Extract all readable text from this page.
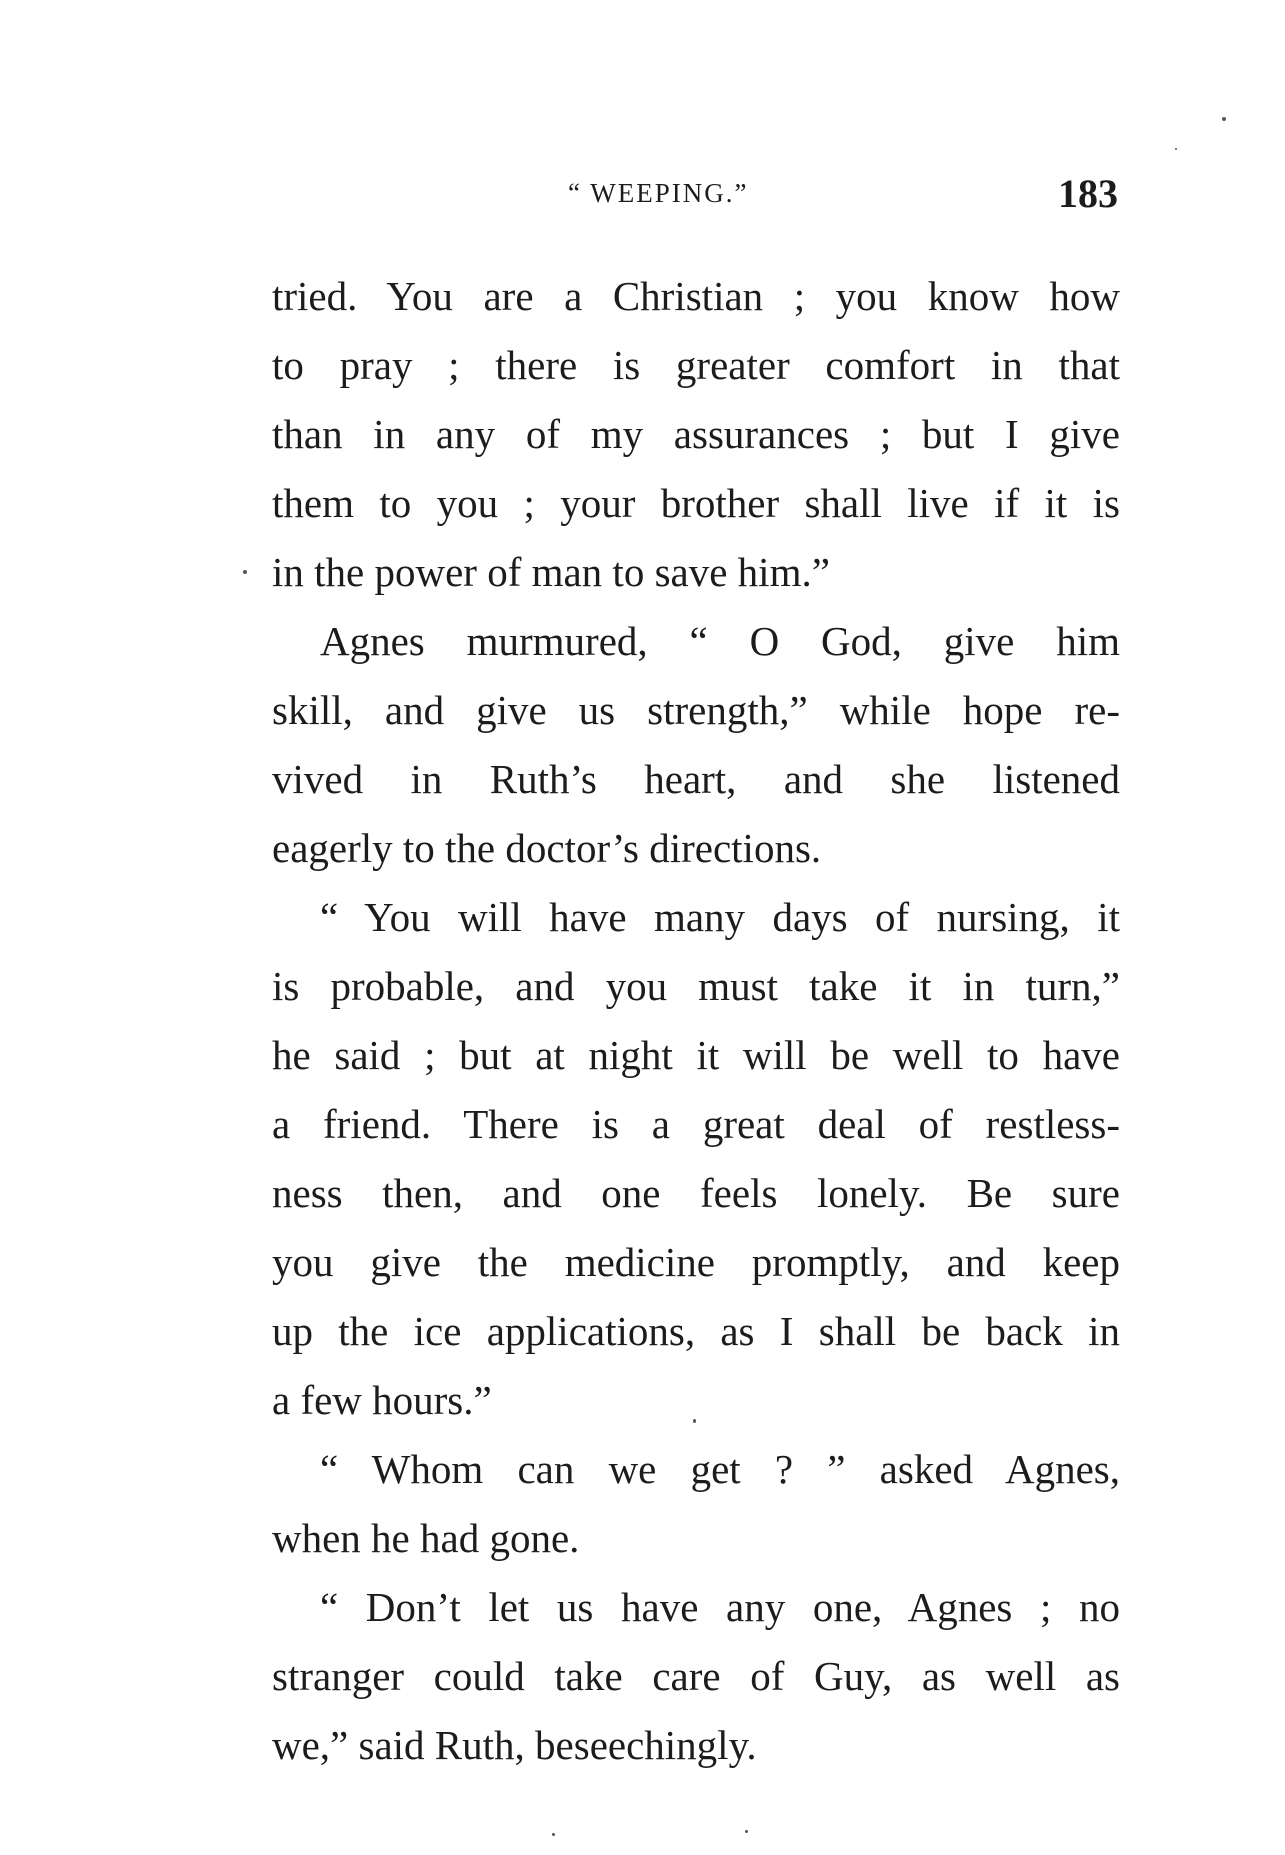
“ WEEPING.”	183
tried. You are a Christian ; you know how
to pray ; there is greater comfort in that
than in any of my assurances ; but I give
them to you ; your brother shall live if it is
in the power of man to save him.”
Agnes murmured, “ O God, give him
skill, and give us strength,” while hope re-
vived in Ruth’s heart, and she listened
eagerly to the doctor’s directions.
“ You will have many days of nursing, it
is probable, and you must take it in turn,”
he said ; but at night it will be well to have
a friend. There is a great deal of restless-
ness then, and one feels lonely. Be sure
you give the medicine promptly, and keep
up the ice applications, as I shall be back in
a few hours.”
“ Whom can we get ? ” asked Agnes,
when he had gone.
“ Don’t let us have any one, Agnes ; no
stranger could take care of Guy, as well as
we,” said Ruth, beseechingly.
